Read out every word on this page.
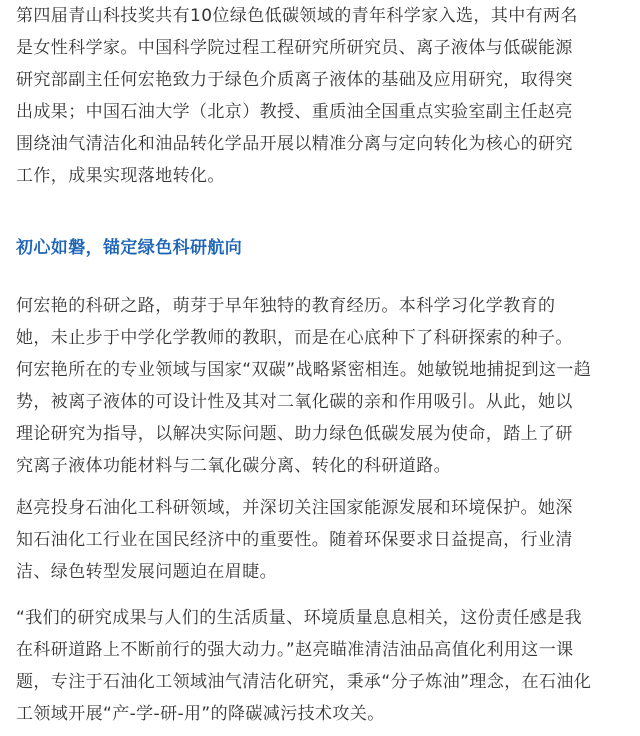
第四届青山科技奖共有10位绿色低碳领域的青年科学家入选，其中有两名
是女性科学家。中国科学院过程工程研究所研究员、离子液体与低碳能源
研究部副主任何宏艳致力于绿色介质离子液体的基础及应用研究，取得突
出成果；中国石油大学（北京）教授、重质油全国重点实验室副主任赵亮
围绕油气清洁化和油品转化学品开展以精准分离与定向转化为核心的研究
工作，成果实现落地转化。
初心如磐，锚定绿色科研航向
何宏艳的科研之路，萌芽于早年独特的教育经历。本科学习化学教育的
她，未止步于中学化学教师的教职，而是在心底种下了科研探索的种子。
何宏艳所在的专业领域与国家“双碳”战略紧密相连。她敏锐地捕捉到这一趋
势，被离子液体的可设计性及其对二氧化碳的亲和作用吸引。从此，她以
理论研究为指导，以解决实际问题、助力绿色低碳发展为使命，踏上了研
究离子液体功能材料与二氧化碳分离、转化的科研道路。
赵亮投身石油化工科研领域，并深切关注国家能源发展和环境保护。她深
知石油化工行业在国民经济中的重要性。随着环保要求日益提高，行业清
洁、绿色转型发展问题迫在眉睫。
“我们的研究成果与人们的生活质量、环境质量息息相关，这份责任感是我
在科研道路上不断前行的强大动力。”赵亮瞄准清洁油品高值化利用这一课
题，专注于石油化工领域油气清洁化研究，秉承“分子炼油”理念，在石油化
工领域开展“产-学-研-用”的降碳减污技术攻关。
